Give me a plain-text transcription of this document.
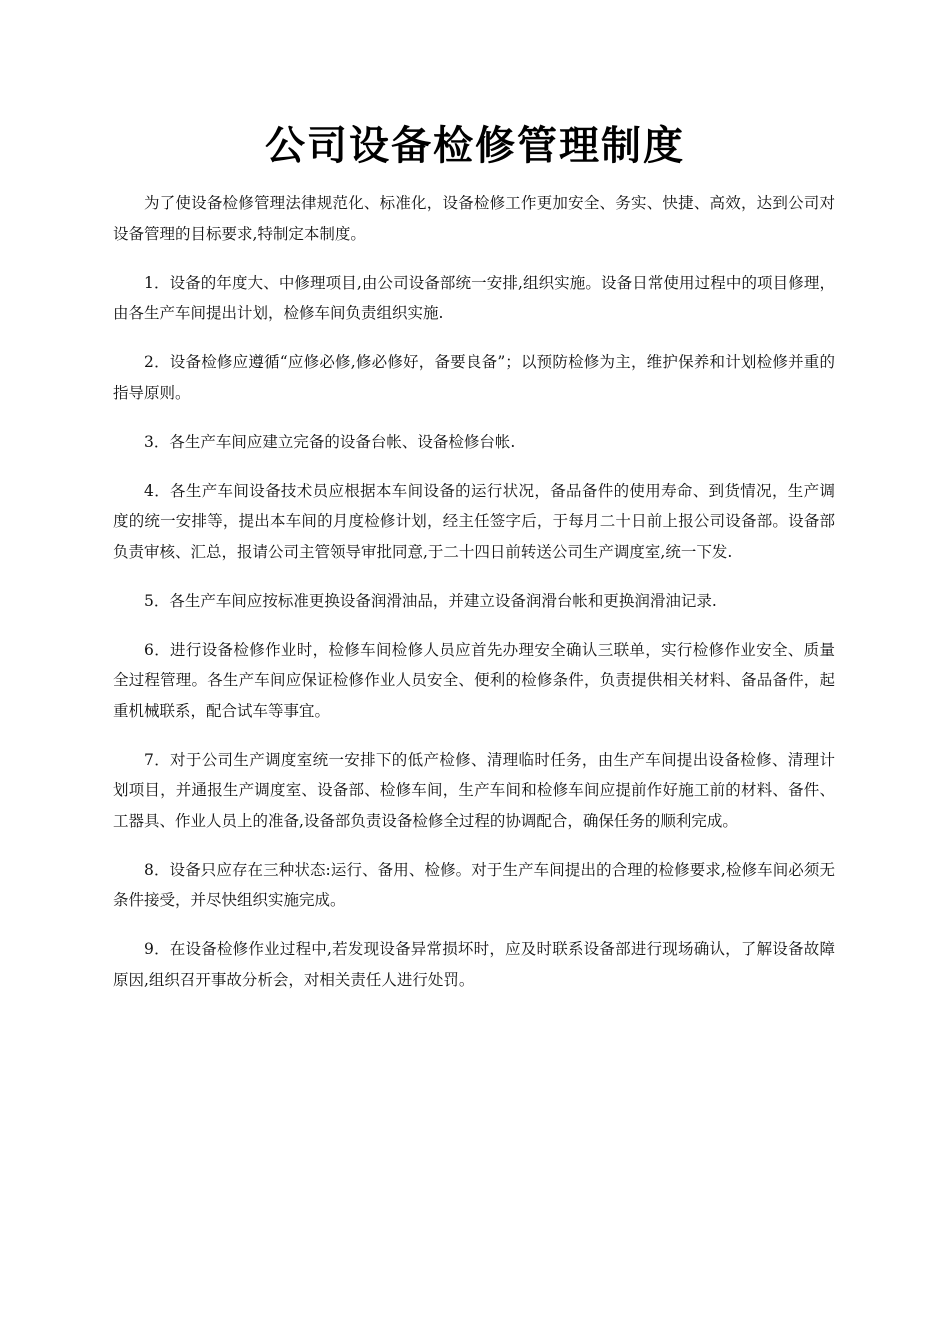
公司设备检修管理制度

为了使设备检修管理法律规范化、标准化，设备检修工作更加安全、务实、快捷、高效，达到公司对设备管理的目标要求,特制定本制度。

1．设备的年度大、中修理项目,由公司设备部统一安排,组织实施。设备日常使用过程中的项目修理，由各生产车间提出计划，检修车间负责组织实施.

2．设备检修应遵循“应修必修,修必修好，备要良备”；以预防检修为主，维护保养和计划检修并重的指导原则。

3．各生产车间应建立完备的设备台帐、设备检修台帐.

4．各生产车间设备技术员应根据本车间设备的运行状况，备品备件的使用寿命、到货情况，生产调度的统一安排等，提出本车间的月度检修计划，经主任签字后，于每月二十日前上报公司设备部。设备部负责审核、汇总，报请公司主管领导审批同意,于二十四日前转送公司生产调度室,统一下发.

5．各生产车间应按标准更换设备润滑油品，并建立设备润滑台帐和更换润滑油记录.

6．进行设备检修作业时，检修车间检修人员应首先办理安全确认三联单，实行检修作业安全、质量全过程管理。各生产车间应保证检修作业人员安全、便利的检修条件，负责提供相关材料、备品备件，起重机械联系，配合试车等事宜。

7．对于公司生产调度室统一安排下的低产检修、清理临时任务，由生产车间提出设备检修、清理计划项目，并通报生产调度室、设备部、检修车间，生产车间和检修车间应提前作好施工前的材料、备件、工器具、作业人员上的准备,设备部负责设备检修全过程的协调配合，确保任务的顺利完成。

8．设备只应存在三种状态:运行、备用、检修。对于生产车间提出的合理的检修要求,检修车间必须无条件接受，并尽快组织实施完成。

9．在设备检修作业过程中,若发现设备异常损坏时，应及时联系设备部进行现场确认，了解设备故障原因,组织召开事故分析会，对相关责任人进行处罚。
